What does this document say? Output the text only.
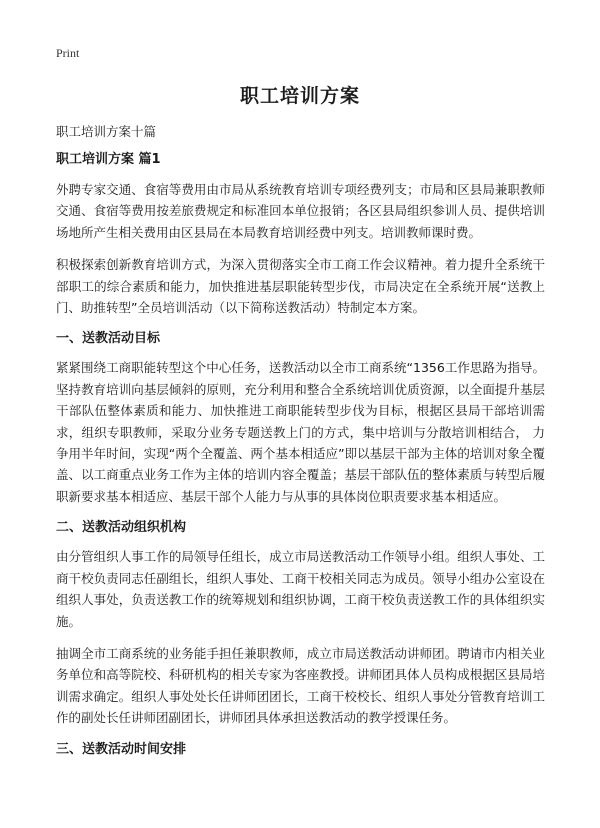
Print
职工培训方案
职工培训方案十篇
职工培训方案 篇1

外聘专家交通、食宿等费用由市局从系统教育培训专项经费列支；市局和区县局兼职教师交通、食宿等费用按差旅费规定和标准回本单位报销；各区县局组织参训人员、提供培训场地所产生相关费用由区县局在本局教育培训经费中列支。培训教师课时费。

积极探索创新教育培训方式，为深入贯彻落实全市工商工作会议精神。着力提升全系统干部职工的综合素质和能力，加快推进基层职能转型步伐，市局决定在全系统开展“送教上门、助推转型”全员培训活动（以下简称送教活动）特制定本方案。

一、送教活动目标

紧紧围绕工商职能转型这个中心任务，送教活动以全市工商系统“1356工作思路为指导。坚持教育培训向基层倾斜的原则，充分利用和整合全系统培训优质资源，以全面提升基层干部队伍整体素质和能力、加快推进工商职能转型步伐为目标，根据区县局干部培训需求，组织专职教师，采取分业务专题送教上门的方式，集中培训与分散培训相结合， 力争用半年时间，实现“两个全覆盖、两个基本相适应”即以基层干部为主体的培训对象全覆盖、以工商重点业务工作为主体的培训内容全覆盖；基层干部队伍的整体素质与转型后履职新要求基本相适应、基层干部个人能力与从事的具体岗位职责要求基本相适应。

二、送教活动组织机构

由分管组织人事工作的局领导任组长，成立市局送教活动工作领导小组。组织人事处、工商干校负责同志任副组长，组织人事处、工商干校相关同志为成员。领导小组办公室设在组织人事处，负责送教工作的统筹规划和组织协调，工商干校负责送教工作的具体组织实施。

抽调全市工商系统的业务能手担任兼职教师，成立市局送教活动讲师团。聘请市内相关业务单位和高等院校、科研机构的相关专家为客座教授。讲师团具体人员构成根据区县局培训需求确定。组织人事处处长任讲师团团长，工商干校校长、组织人事处分管教育培训工作的副处长任讲师团副团长，讲师团具体承担送教活动的教学授课任务。

三、送教活动时间安排
